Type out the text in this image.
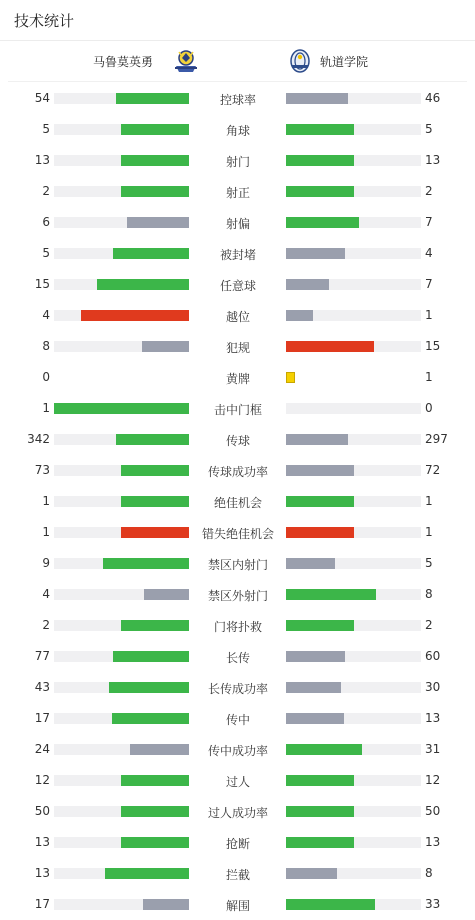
技术统计
马鲁莫英勇	轨道学院
54	控球率	46
5	角球	5
13	射门	13
2	射正	2
6	射偏	7
5	被封堵	4
15	任意球	7
4	越位	1
8	犯规	15
0	黄牌	1
1	击中门框	0
342	传球	297
73	传球成功率	72
1	绝佳机会	1
1	错失绝佳机会	1
9	禁区内射门	5
4	禁区外射门	8
2	门将扑救	2
77	长传	60
43	长传成功率	30
17	传中	13
24	传中成功率	31
12	过人	12
50	过人成功率	50
13	抢断	13
13	拦截	8
17	解围	33
